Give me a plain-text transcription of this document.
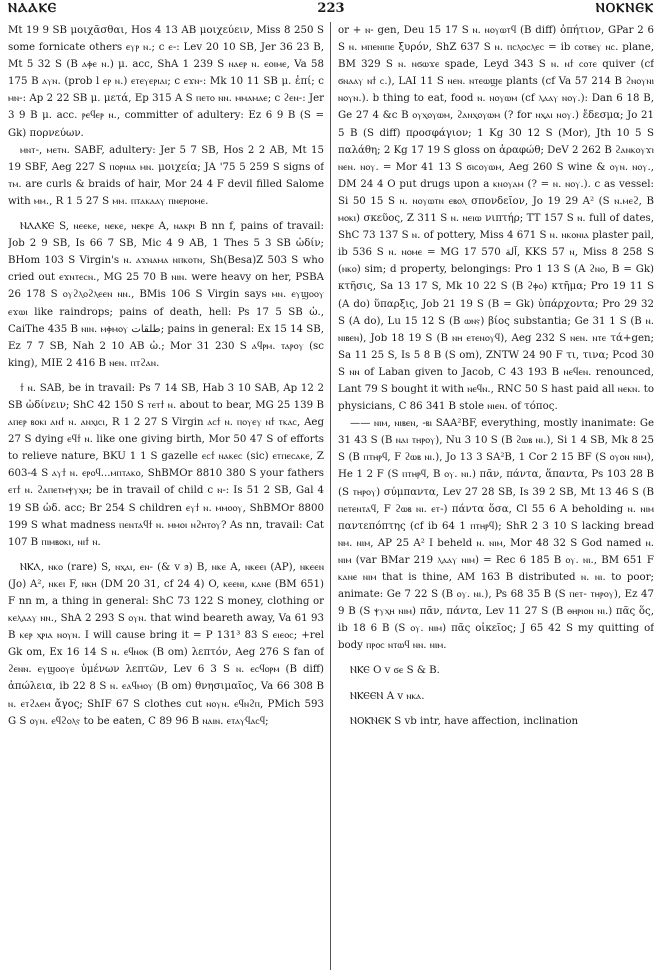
ⲚⲀⲀⲔⲈ	223	ⲚⲞⲔⲚⲈⲔ

Mt 19 9 SB μοιχᾶσθαι, Hos 4 13 AB μοιχεύειν, Miss 8 250 S some fornicate others ⲉⲩⲣ ⲛ.; c ⲉ-: Lev 20 10 SB, Jer 36 23 B, Mt 5 32 S (B ⲁⲫⲉ ⲛ.) μ. acc, ShA 1 239 S ⲛⲁⲉⲣ ⲛ. ⲉⲟⲓⲙⲉ, Va 58 175 B ⲁⲩⲛ. (prob l ⲉⲣ ⲛ.) ⲉⲧⲉⲩⲉⲣⲓⲁⲓ; c ⲉϫⲛ-: Mk 10 11 SB μ. ἐπί; c ⲙⲛ-: Ap 2 22 SB μ. μετά, Ep 315 A S ⲡⲉⲧⲟ ⲛⲛ. ⲙⲙⲁⲙⲁⲉ; c ϩⲉⲛ-: Jer 3 9 B μ. acc. ⲣⲉϥⲉⲣ ⲛ., committer of adultery: Ez 6 9 B (S = Gk) πορνεύων.

ⲙⲛⲧ-, ⲙⲉⲧⲛ. SABF, adultery: Jer 5 7 SB, Hos 2 2 AB, Mt 15 19 SBF, Aeg 227 S ⲡⲟⲣⲛⲓⲁ ⲙⲛ. μοιχεία; JA '75 5 259 S signs of ⲧⲙ. are curls & braids of hair, Mor 24 4 F devil filled Salome with ⲙⲙ., R 1 5 27 S ⲙⲙ. ⲡⲧⲁⲕⲁⲁⲩ ⲡⲛⲉⲣⲓⲟⲙⲉ.

ⲚⲀⲀⲔⲈ S, ⲛⲉⲉⲕⲉ, ⲛⲉⲕⲉ, ⲛⲉⲕⲣⲉ A, ⲛⲁⲕⲣⲓ B nn f, pains of travail: Job 2 9 SB, Is 66 7 SB, Mic 4 9 AB, 1 Thes 5 3 SB ὠδίν; BHom 103 S Virgin's ⲛ. ⲁϫⲛⲁⲙⲁ ⲛⲡⲕⲟⲧⲛ, Sh(Besa)Z 503 S who cried out ⲉϫⲛⲧⲉⲥⲛ., MG 25 70 B ⲛⲓⲛ. were heavy on her, PSBA 26 178 S ⲟⲩϩⲗⲟϩⲗⲉⲉⲛ ⲛⲛ., BMis 106 S Virgin says ⲙⲛ. ⲉⲩϣⲟⲟⲩ ⲉϫⲱⲓ like raindrops; pains of death, hell: Ps 17 5 SB ὠ., CaiThe 435 B ⲛⲓⲛ. ⲙⲫⲙⲟⲩ طلقات; pains in general: Ex 15 14 SB, Ez 7 7 SB, Nah 2 10 AB ὠ.; Mor 31 230 S ⲁϥⲣⲙ. ⲧⲁⲣⲟⲩ (sc king), MIE 2 416 B ⲛⲉⲛ. ⲡⲧϩⲁⲛ.

ϯ ⲛ. SAB, be in travail: Ps 7 14 SB, Hab 3 10 SAB, Ap 12 2 SB ὠδίνειν; ShC 42 150 S ⲧⲉⲧϯ ⲛ. about to bear, MG 25 139 B ⲁⲡⲉⲣ ⲃⲟⲕⲓ ⲁⲛϯ ⲛ. ⲁⲛⲭⲓⲥⲓ, R 1 2 27 S Virgin ⲁⲥϯ ⲛ. ⲡⲟⲩⲉⲩ ⲛϯ ⲧⲕⲁⲥ, Aeg 27 S dying ⲉϥϯ ⲛ. like one giving birth, Mor 50 47 S of efforts to relieve nature, BKU 1 1 S gazelle ⲉⲥϯ ⲛⲁⲕⲉⲥ (sic) ⲉⲧⲡⲉⲥⲁⲕⲉ, Z 603-4 S ⲁⲩϯ ⲛ. ⲉⲣⲟϥ...ⲙⲡⲧⲁⲕⲟ, ShBMOr 8810 380 S your fathers ⲉⲧϯ ⲛ. ϩⲁⲡⲉⲧⲙⲯⲩⲭⲏ; be in travail of child c ⲛ-: Is 51 2 SB, Gal 4 19 SB ὠδ. acc; Br 254 S children ⲉⲩϯ ⲛ. ⲙⲙⲟⲟⲩ, ShBMOr 8800 199 S what madness ⲡⲉⲛⲧⲁϥϯ ⲛ. ⲙⲙⲟⲓ ⲛϩⲏⲧⲟⲩ? As nn, travail: Cat 107 B ⲡⲓⲙⲃⲟⲕⲓ, ⲛⲓϯ ⲛ.

ⲚⲔⲀ, ⲛⲕⲟ (rare) S, ⲛⲭⲁⲓ, ⲉⲛ- (& v ϧ) B, ⲛⲕⲉ A, ⲛⲕⲉⲉⲓ (AP), ⲛⲕⲉⲉⲛ (Jo) A², ⲛⲕⲉⲓ F, ⲛⲕⲏ (DM 20 31, cf 24 4) O, ⲕⲉⲉⲛⲓ, ⲕⲁⲛⲉ (BM 651) F nn m, a thing in general: ShC 73 122 S money, clothing or ⲕⲉⲗⲁⲁⲩ ⲛⲛ., ShA 2 293 S ⲟⲩⲛ. that wind beareth away, Va 61 93 B ⲕⲉⲣ ⲭⲣⲓⲁ ⲛⲟⲩⲛ. I will cause bring it = P 131³ 83 S ⲉⲓⲉⲟⲥ; +rel Gk om, Ex 16 14 S ⲛ. ⲉϥⲛⲟⲕ (B om) λεπτόν, Aeg 276 S fan of ϩⲉⲛⲛ. ⲉⲩϣⲟⲟⲩⲉ ὑμένων λεπτῶν, Lev 6 3 S ⲛ. ⲉⲥϥⲟⲣⲙ (B diff) ἀπώλεια, ib 22 8 S ⲛ. ⲉⲁϥⲙⲟⲩ (B om) θνησιμαῖος, Va 66 308 B ⲛ. ⲉⲧϩⲁⲉⲙ ἄγος; ShIF 67 S clothes cut ⲛⲟⲩⲛ. ⲉϥⲛϩⲡ, PMich 593 G S ⲟⲩⲛ. ⲉϥϩⲟⲗⲋ to be eaten, C 89 96 B ⲛⲁⲓⲛ. ⲉⲧⲁⲩϥⲁⲥϥ;

or + ⲛ- gen, Deu 15 17 S ⲛ. ⲛⲟⲩⲱⲧϥ (B diff) ὀπήτιον, GPar 2 6 S ⲛ. ⲙⲡⲉⲛⲓⲡⲉ ξυρόν, ShZ 637 S ⲛ. ⲡⲥⲗⲟⲥⲗⲉⲥ = ib ⲥⲟⲧⲃⲉⲩ ⲛⲥ. plane, BM 329 S ⲛ. ⲛϭⲱϫⲉ spade, Leyd 343 S ⲛ. ⲛϯ ⲥⲟⲧⲉ quiver (cf ϭⲛⲁⲁⲩ ⲛϯ ⲥ.), LAI 11 S ⲛⲉⲛ. ⲛⲧⲉⲱϣⲉ plants (cf Va 57 214 B ϩⲛⲟⲩⲛⲓ ⲛⲟⲩⲛ.). b thing to eat, food ⲛ. ⲛⲟⲩⲱⲙ (cf ⲗⲁⲁⲩ ⲛⲟⲩ.): Dan 6 18 B, Ge 27 4 &c B ⲟⲩⲭⲟⲩⲱⲙ, ϩⲁⲛⲭⲟⲩⲱⲙ (? for ⲛⲭⲁⲓ ⲛⲟⲩ.) ἔδεσμα; Jo 21 5 B (S diff) προσφάγιον; 1 Kg 30 12 S (Mor), Jth 10 5 S παλάθη; 2 Kg 17 19 S gloss on ἀραφώθ; DeV 2 262 B ϩⲁⲛⲕⲟⲩϫⲓ ⲛⲉⲛ. ⲛⲟⲩ. = Mor 41 13 S ϭⲓⲥⲟⲩⲱⲙ, Aeg 260 S wine & ⲟⲩⲛ. ⲛⲟⲩ., DM 24 4 O put drugs upon a ⲕⲛⲟⲩⲁⲙ (? = ⲛ. ⲛⲟⲩ.). c as vessel: Si 50 15 S ⲛ. ⲛⲟⲩⲱⲧⲛ ⲉⲃⲟⲗ σπονδεῖον, Jo 19 29 A² (S ⲛ.ⲙⲉϩ, B ⲙⲟⲕⲓ) σκεῦος, Z 311 S ⲛ. ⲛⲉⲓⲱ νιπτήρ; TT 157 S ⲛ. full of dates, ShC 73 137 S ⲛ. of pottery, Miss 4 671 S ⲛ. ⲛⲕⲟⲛⲓⲁ plaster pail, ib 536 S ⲛ. ⲛⲟⲙⲉ = MG 17 570 آلة, KKS 57 ⲛ, Miss 8 258 S (ⲛⲕⲟ) sim; d property, belongings: Pro 1 13 S (A ϩⲛⲟ, B = Gk) κτῆσις, Sa 13 17 S, Mk 10 22 S (B ϩⲫⲟ) κτῆμα; Pro 19 11 S (A do) ὕπαρξις, Job 21 19 S (B = Gk) ὑπάρχοντα; Pro 29 32 S (A do), Lu 15 12 S (B ⲱⲛⲋ) βίος substantia; Ge 31 1 S (B ⲛ. ⲛⲓⲃⲉⲛ), Job 18 19 S (B ⲛⲏ ⲉⲧⲉⲛⲟⲩϥ), Aeg 232 S ⲛⲉⲛ. ⲛⲧⲉ τά+gen; Sa 11 25 S, Is 5 8 B (S om), ZNTW 24 90 F τι, τινα; Pcod 30 S ⲛⲛ of Laban given to Jacob, C 43 193 B ⲛⲉϥⲉⲛ. renounced, Lant 79 S bought it with ⲛⲉϥⲛ., RNC 50 S hast paid all ⲛⲉⲕⲛ. to physicians, C 86 341 B stole ⲛⲓⲉⲛ. of τόπος.

—— ⲛⲓⲙ, ⲛⲓⲃⲉⲛ, -ⲃⲓ SAA²BF, everything, mostly inanimate: Ge 31 43 S (B ⲛⲁⲓ ⲧⲏⲣⲟⲩ), Nu 3 10 S (B ϩⲱⲃ ⲛⲓ.), Si 1 4 SB, Mk 8 25 S (B ⲡⲧⲏⲣϥ, F ϩⲱⲃ ⲛⲓ.), Jo 13 3 SA²B, 1 Cor 2 15 BF (S ⲟⲩⲟⲛ ⲛⲓⲙ), He 1 2 F (S ⲡⲧⲏⲣϥ, B ⲟⲩ. ⲛⲓ.) πᾶν, πάντα, ἅπαντα, Ps 103 28 B (S ⲧⲏⲣⲟⲩ) σύμπαντα, Lev 27 28 SB, Is 39 2 SB, Mt 13 46 S (B ⲡⲉⲧⲉⲛⲧⲁϥ, F ϩⲱⲃ ⲛⲓ. ⲉⲧ-) πάντα ὅσα, Cl 55 6 A beholding ⲛ. ⲛⲓⲙ παντεπόπτης (cf ib 64 1 ⲡⲧⲏⲣϥ); ShR 2 3 10 S lacking bread ⲛⲙ. ⲛⲓⲙ, AP 25 A² I beheld ⲛ. ⲛⲓⲙ, Mor 48 32 S God named ⲛ. ⲛⲓⲙ (var BMar 219 ⲗⲁⲁⲩ ⲛⲓⲙ) = Rec 6 185 B ⲟⲩ. ⲛⲓ., BM 651 F ⲕⲁⲛⲉ ⲛⲓⲙ that is thine, AM 163 B distributed ⲛ. ⲛⲓ. to poor; animate: Ge 7 22 S (B ⲟⲩ. ⲛⲓ.), Ps 68 35 B (S ⲡⲉⲧ- ⲧⲏⲣⲟⲩ), Ez 47 9 B (S ⲯⲩⲭⲏ ⲛⲓⲙ) πᾶν, πάντα, Lev 11 27 S (B ⲑⲏⲣⲓⲟⲛ ⲛⲓ.) πᾶς ὅς, ib 18 6 B (S ⲟⲩ. ⲛⲓⲙ) πᾶς οἰκεῖος; J 65 42 S my quitting of body ⲡⲣⲟⲥ ⲛⲧⲱϥ ⲛⲛ. ⲛⲓⲙ.

ⲚⲔⲈ O v ϭⲉ S & B.

ⲚⲔⲈⲈⲚ A v ⲛⲕⲁ.

ⲚⲞⲔⲚⲈⲔ S vb intr, have affection, inclination
